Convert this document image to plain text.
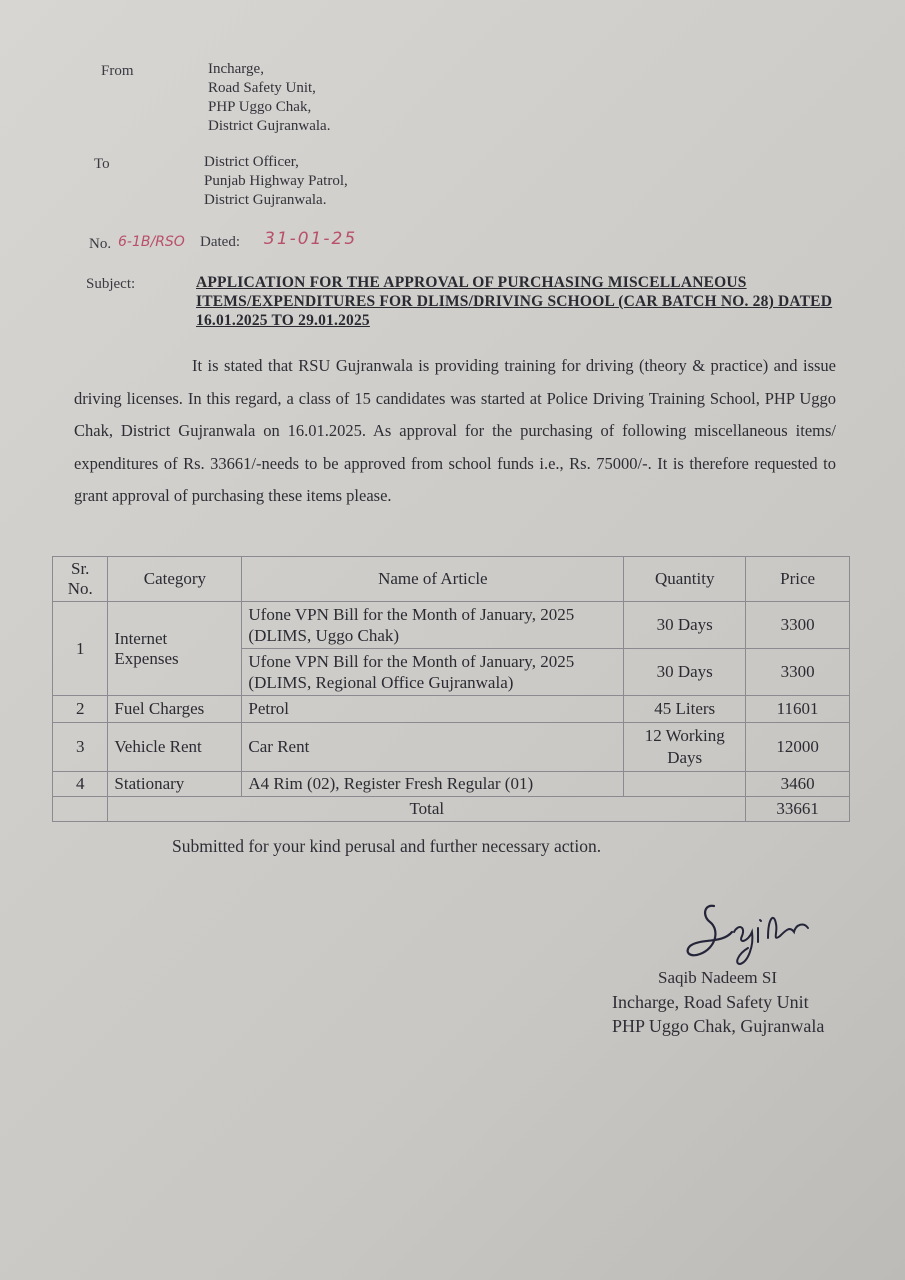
From	Incharge,
Road Safety Unit,
PHP Uggo Chak,
District Gujranwala.
To	District Officer,
Punjab Highway Patrol,
District Gujranwala.
No. 6-1B/RSO Dated: 31-01-25
Subject:	APPLICATION FOR THE APPROVAL OF PURCHASING MISCELLANEOUS ITEMS/EXPENDITURES FOR DLIMS/DRIVING SCHOOL (CAR BATCH NO. 28) DATED 16.01.2025 TO 29.01.2025
It is stated that RSU Gujranwala is providing training for driving (theory & practice) and issue driving licenses. In this regard, a class of 15 candidates was started at Police Driving Training School, PHP Uggo Chak, District Gujranwala on 16.01.2025. As approval for the purchasing of following miscellaneous items/ expenditures of Rs. 33661/-needs to be approved from school funds i.e., Rs. 75000/-. It is therefore requested to grant approval of purchasing these items please.
Sr. No.	Category	Name of Article	Quantity	Price
1	Internet Expenses	Ufone VPN Bill for the Month of January, 2025 (DLIMS, Uggo Chak)	30 Days	3300
		Ufone VPN Bill for the Month of January, 2025 (DLIMS, Regional Office Gujranwala)	30 Days	3300
2	Fuel Charges	Petrol	45 Liters	11601
3	Vehicle Rent	Car Rent	12 Working Days	12000
4	Stationary	A4 Rim (02), Register Fresh Regular (01)		3460
	Total			33661
Submitted for your kind perusal and further necessary action.
Saqib Nadeem SI
Incharge, Road Safety Unit
PHP Uggo Chak, Gujranwala
